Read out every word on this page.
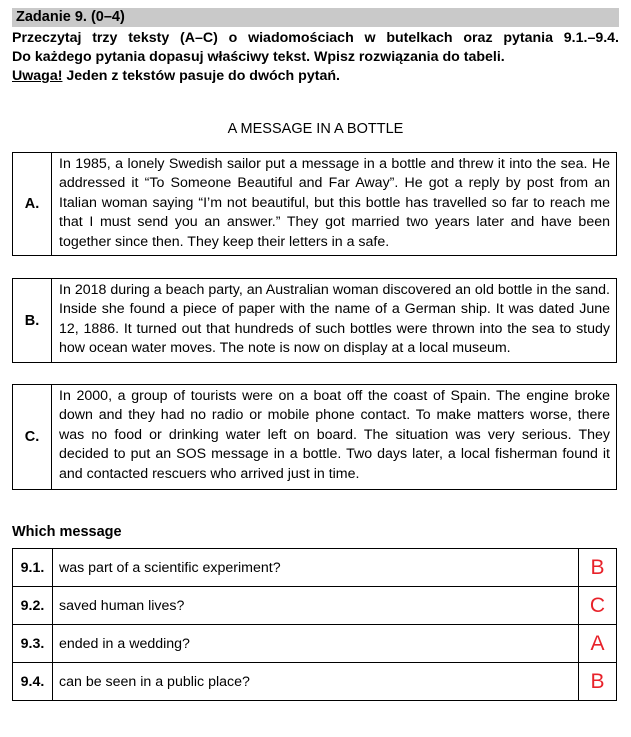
Zadanie 9. (0–4)

Przeczytaj trzy teksty (A–C) o wiadomościach w butelkach oraz pytania 9.1.–9.4.

Do każdego pytania dopasuj właściwy tekst. Wpisz rozwiązania do tabeli.

Uwaga! Jeden z tekstów pasuje do dwóch pytań.

A MESSAGE IN A BOTTLE
A.
In 1985, a lonely Swedish sailor put a message in a bottle and threw it into the sea. He addressed it “To Someone Beautiful and Far Away”. He got a reply by post from an Italian woman saying “I’m not beautiful, but this bottle has travelled so far to reach me that I must send you an answer.” They got married two years later and have been together since then. They keep their letters in a safe.
B.
In 2018 during a beach party, an Australian woman discovered an old bottle in the sand. Inside she found a piece of paper with the name of a German ship. It was dated June 12, 1886. It turned out that hundreds of such bottles were thrown into the sea to study how ocean water moves. The note is now on display at a local museum.
C.
In 2000, a group of tourists were on a boat off the coast of Spain. The engine broke down and they had no radio or mobile phone contact. To make matters worse, there was no food or drinking water left on board. The situation was very serious. They decided to put an SOS message in a bottle. Two days later, a local fisherman found it and contacted rescuers who arrived just in time.
Which message
9.1.	was part of a scientific experiment?	B
9.2.	saved human lives?	C
9.3.	ended in a wedding?	A
9.4.	can be seen in a public place?	B
